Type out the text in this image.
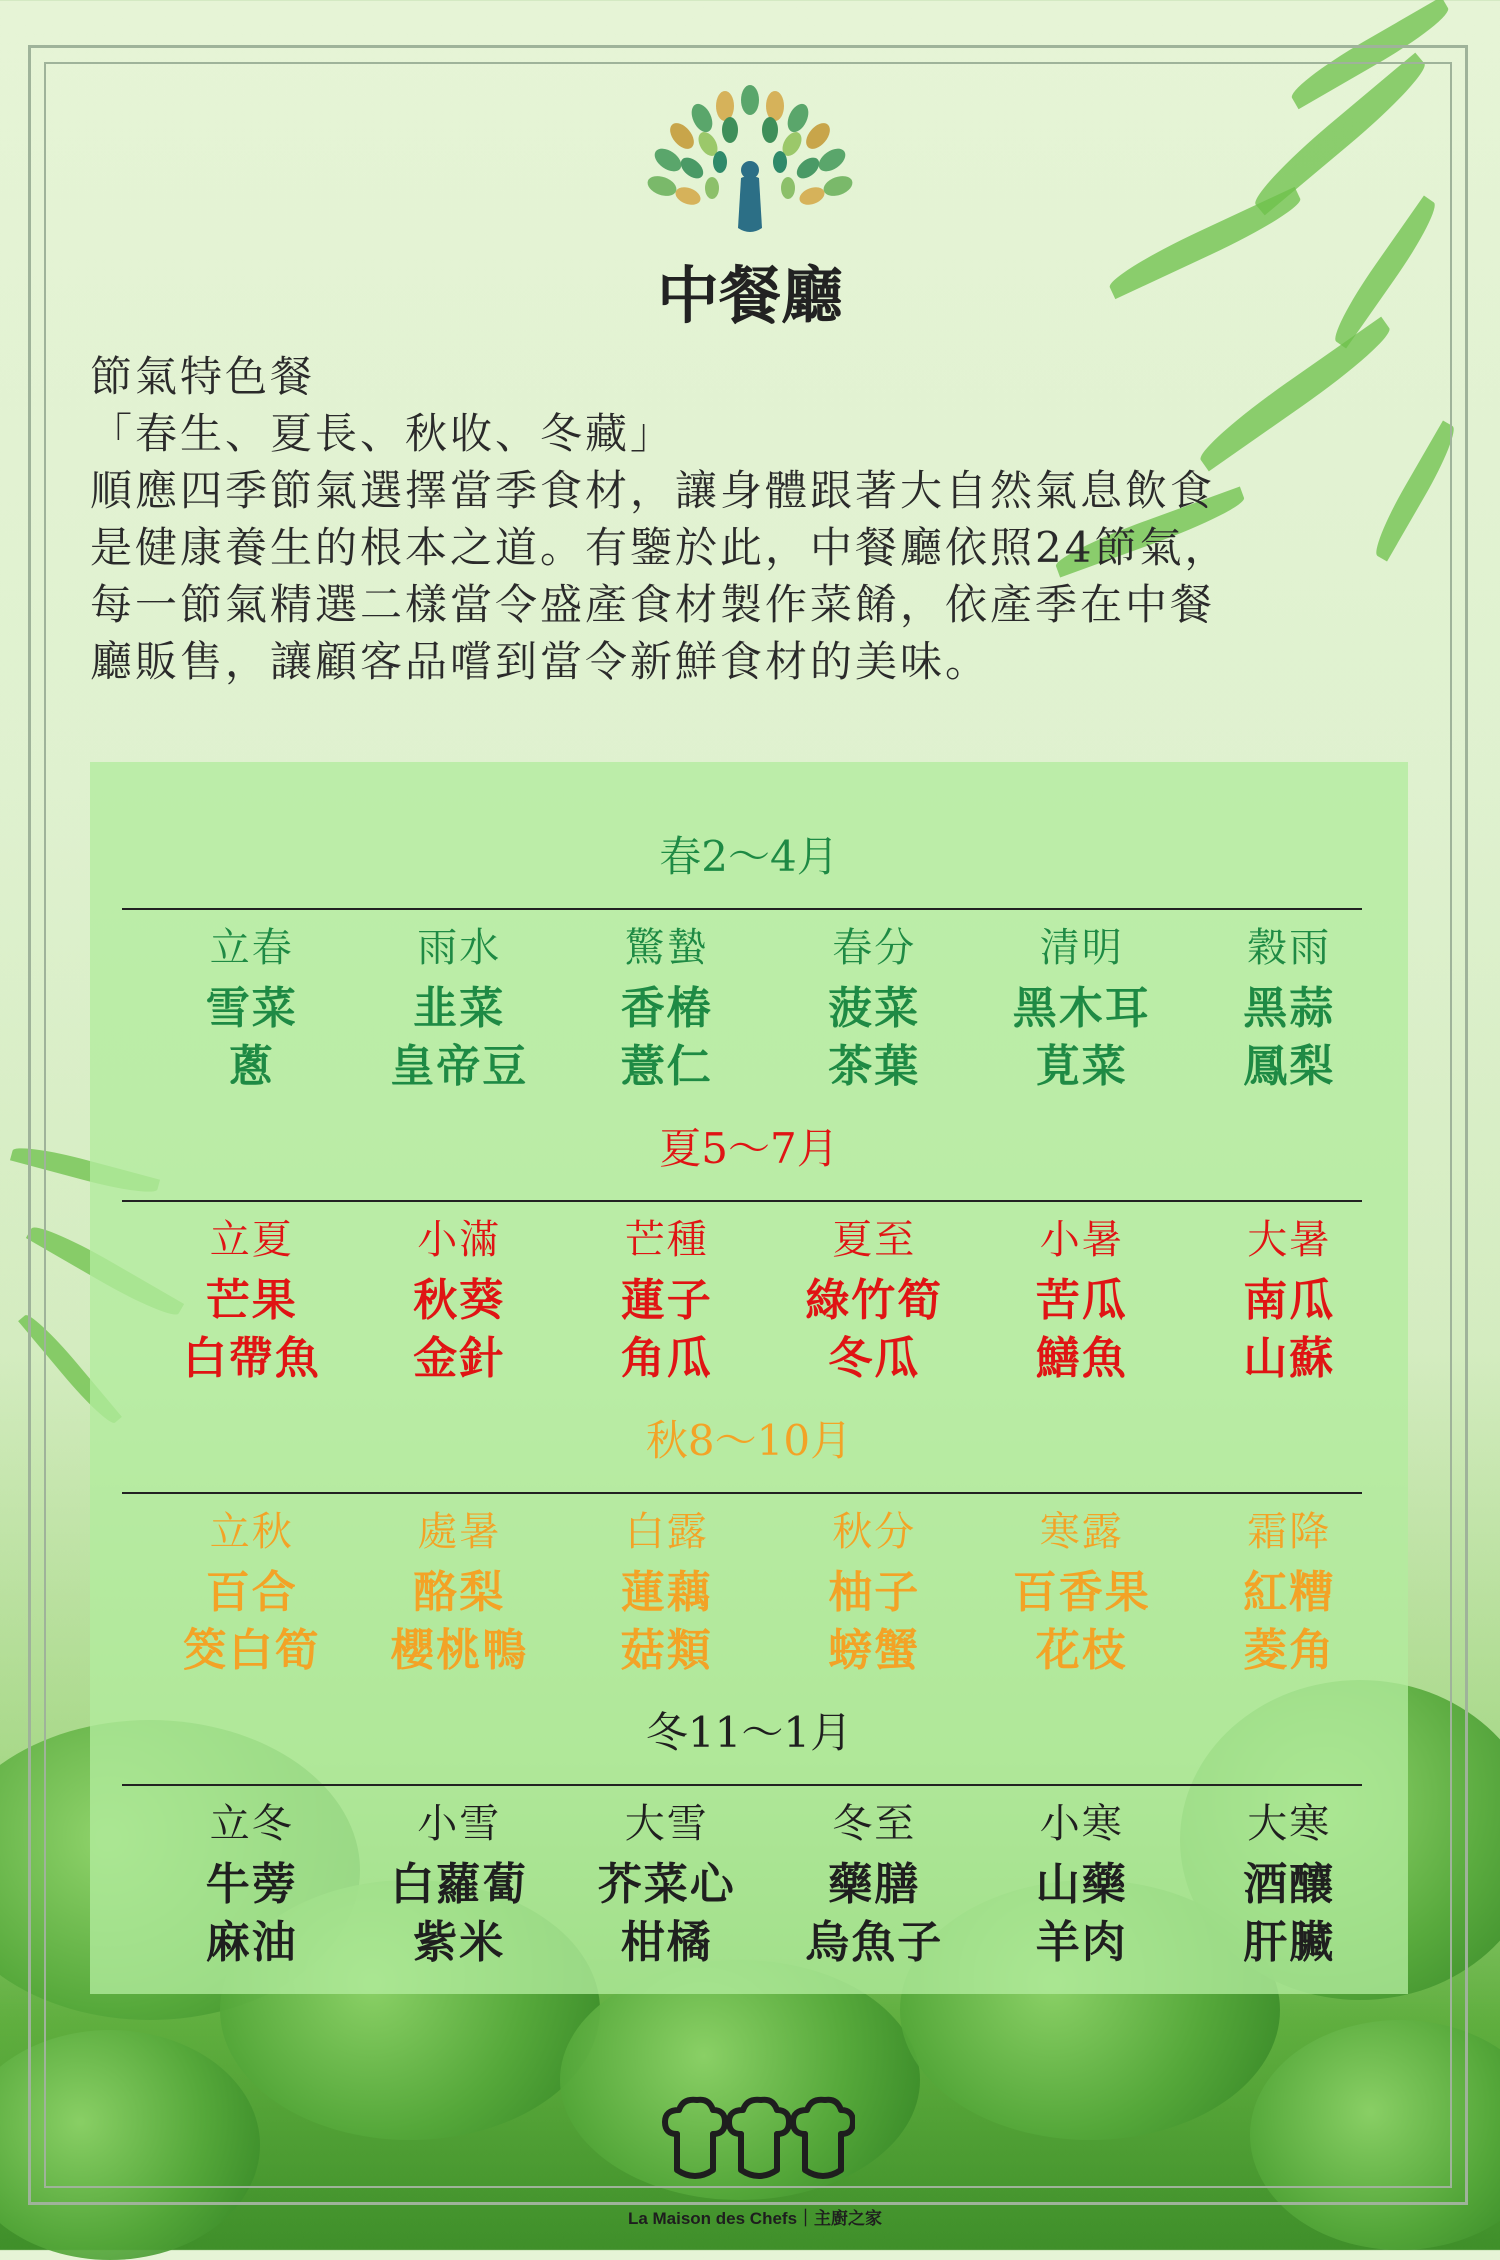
中餐廳
節氣特色餐
「春生、夏長、秋收、冬藏」
順應四季節氣選擇當季食材，讓身體跟著大自然氣息飲食
是健康養生的根本之道。有鑒於此，中餐廳依照24節氣，
每一節氣精選二樣當令盛產食材製作菜餚，依產季在中餐
廳販售，讓顧客品嚐到當令新鮮食材的美味。
春2～4月
立春	雨水	驚蟄	春分	清明	穀雨
雪菜	韭菜	香椿	菠菜	黑木耳	黑蒜
蔥	皇帝豆	薏仁	茶葉	莧菜	鳳梨
夏5～7月
立夏	小滿	芒種	夏至	小暑	大暑
芒果	秋葵	蓮子	綠竹筍	苦瓜	南瓜
白帶魚	金針	角瓜	冬瓜	鱔魚	山蘇
秋8～10月
立秋	處暑	白露	秋分	寒露	霜降
百合	酪梨	蓮藕	柚子	百香果	紅糟
筊白筍	櫻桃鴨	菇類	螃蟹	花枝	菱角
冬11～1月
立冬	小雪	大雪	冬至	小寒	大寒
牛蒡	白蘿蔔	芥菜心	藥膳	山藥	酒釀
麻油	紫米	柑橘	烏魚子	羊肉	肝臟
La Maison des Chefs｜主廚之家
